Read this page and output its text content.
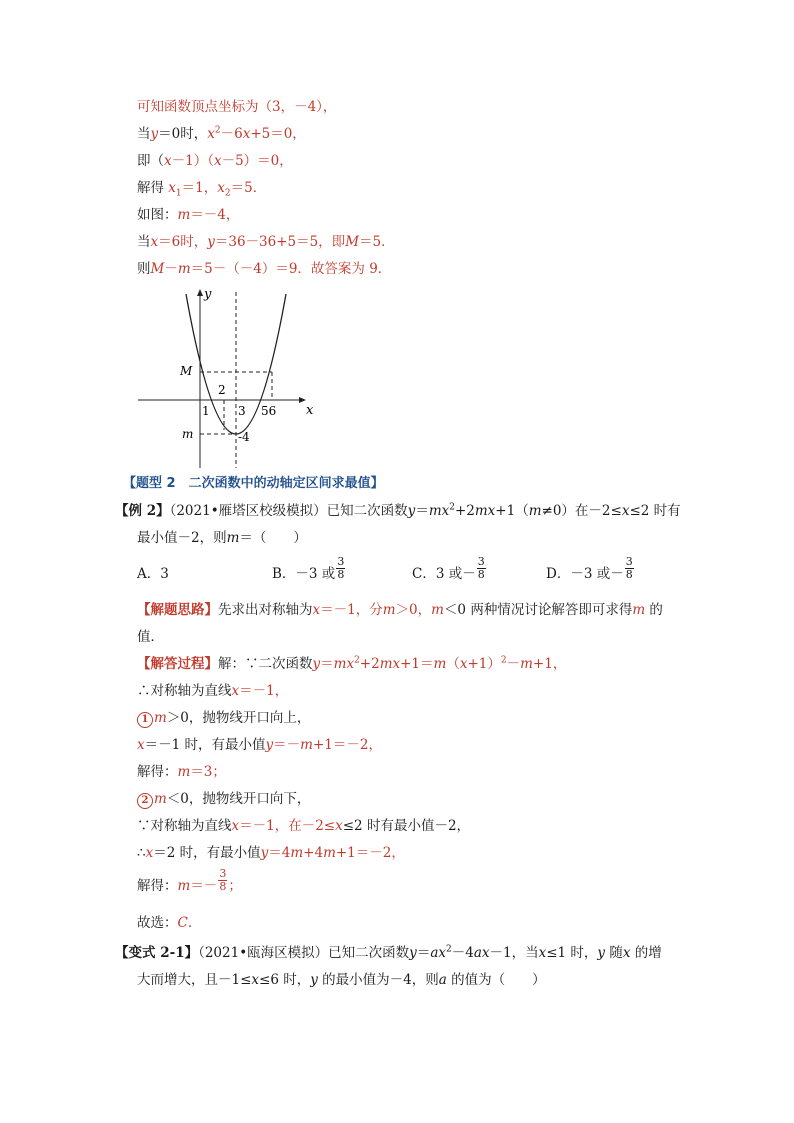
可知函数顶点坐标为（3，－4），
当y＝0时，$x^2-6x+5=0$，
即（x－1）（x－5）＝0，
解得 $x_1=1$，$x_2=5$．
如图：m＝－4，
当x＝6时，y＝36－36+5＝5，即M＝5．
则M－m＝5－（－4）＝9．故答案为 9．
x
y
M
m
1
2
3 56
-4
【题型 2　二次函数中的动轴定区间求最值】
【例 2】（2021•雁塔区校级模拟）已知二次函数$y=mx^2+2mx+1(m\ne 0)$在－2≤x≤2 时有
最小值－2，则m＝（　　）
A．3	B．－3 或 $\frac{3}{8}$	C．3 或－ $\frac{3}{8}$	D．－3 或－ $\frac{3}{8}$
【解题思路】先求出对称轴为x＝－1，分m＞0，m＜0 两种情况讨论解答即可求得m 的
值．
【解答过程】解：∵二次函数$y=mx^2+2mx+1=m(x+1)^2-m+1$，
∴对称轴为直线x＝－1，
1 m＞0，抛物线开口向上，
x＝－1 时，有最小值y＝－m+1＝－2，
解得：m＝3；
2 m＜0，抛物线开口向下，
∵对称轴为直线x＝－1，在－2≤x≤2 时有最小值－2，
∴x＝2 时，有最小值y＝4m+4m+1＝－2，
解得：$m=- \frac{3}{8}$ ；
故选：C．
【变式 2-1】（2021•瓯海区模拟）已知二次函数$y=ax^2-4ax-1$，当x≤1 时，y 随x 的增
大而增大，且－1≤x≤6 时，y 的最小值为－4，则a 的值为（　　）
